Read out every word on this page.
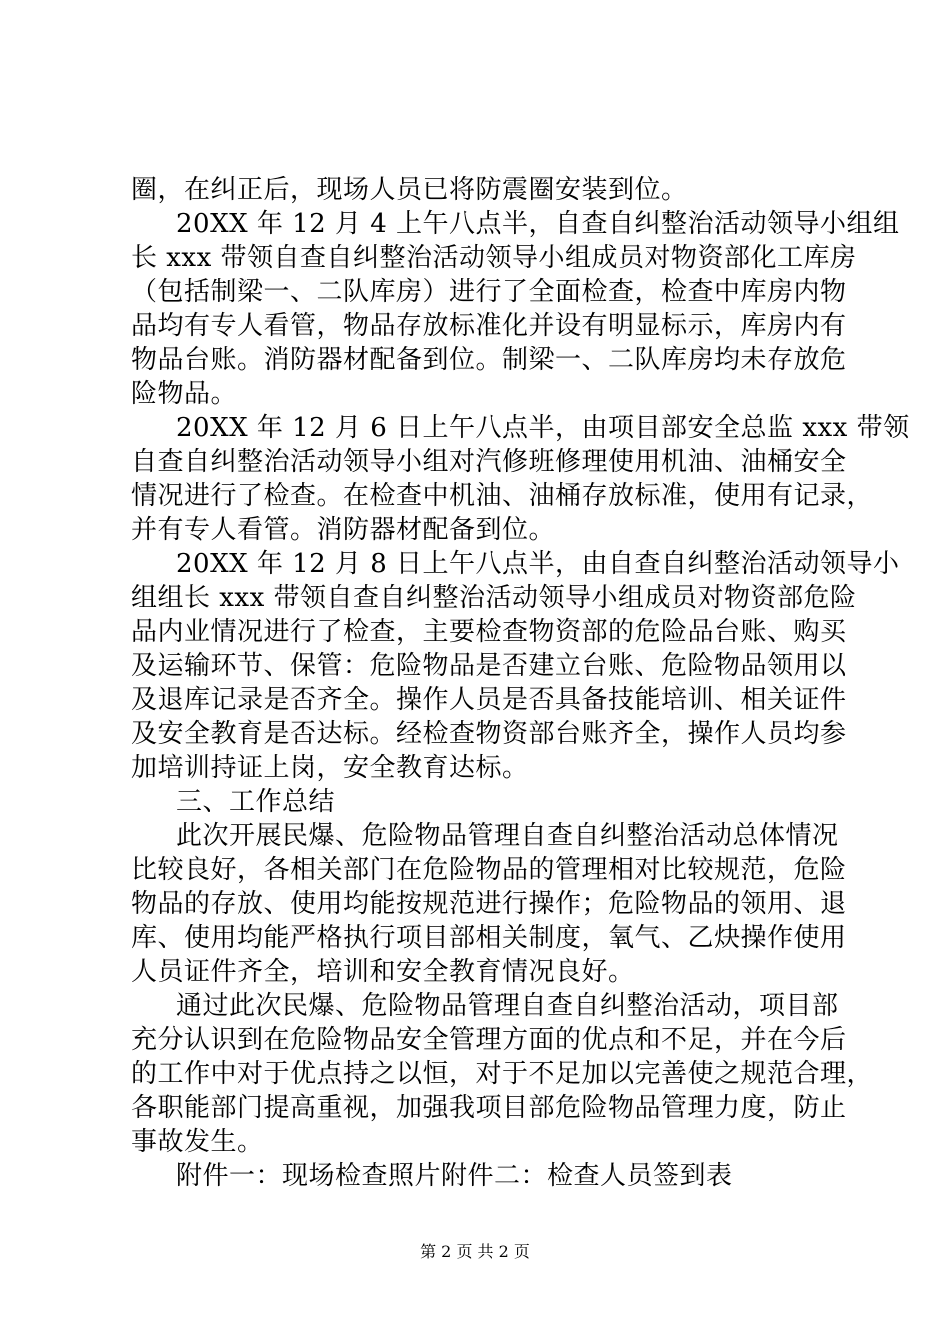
圈，在纠正后，现场人员已将防震圈安装到位。
20XX 年 12 月 4 上午八点半，自查自纠整治活动领导小组组
长 xxx 带领自查自纠整治活动领导小组成员对物资部化工库房
（包括制梁一、二队库房）进行了全面检查，检查中库房内物
品均有专人看管，物品存放标准化并设有明显标示，库房内有
物品台账。消防器材配备到位。制梁一、二队库房均未存放危
险物品。
20XX 年 12 月 6 日上午八点半，由项目部安全总监 xxx 带领
自查自纠整治活动领导小组对汽修班修理使用机油、油桶安全
情况进行了检查。在检查中机油、油桶存放标准，使用有记录，
并有专人看管。消防器材配备到位。
20XX 年 12 月 8 日上午八点半，由自查自纠整治活动领导小
组组长 xxx 带领自查自纠整治活动领导小组成员对物资部危险
品内业情况进行了检查，主要检查物资部的危险品台账、购买
及运输环节、保管：危险物品是否建立台账、危险物品领用以
及退库记录是否齐全。操作人员是否具备技能培训、相关证件
及安全教育是否达标。经检查物资部台账齐全，操作人员均参
加培训持证上岗，安全教育达标。
三、工作总结
此次开展民爆、危险物品管理自查自纠整治活动总体情况
比较良好，各相关部门在危险物品的管理相对比较规范，危险
物品的存放、使用均能按规范进行操作；危险物品的领用、退
库、使用均能严格执行项目部相关制度，氧气、乙炔操作使用
人员证件齐全，培训和安全教育情况良好。
通过此次民爆、危险物品管理自查自纠整治活动，项目部
充分认识到在危险物品安全管理方面的优点和不足，并在今后
的工作中对于优点持之以恒，对于不足加以完善使之规范合理，
各职能部门提高重视，加强我项目部危险物品管理力度，防止
事故发生。
附件一：现场检查照片附件二：检查人员签到表
第 2 页 共 2 页
